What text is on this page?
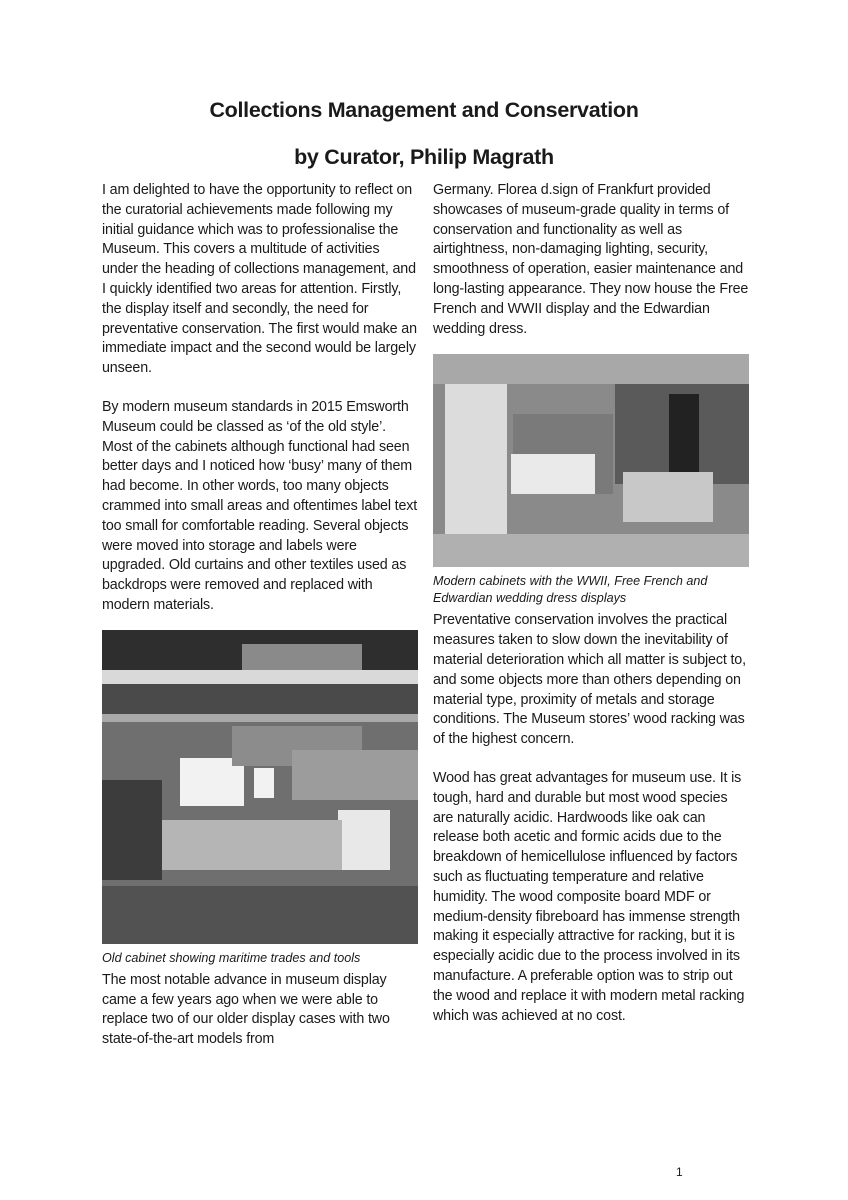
Collections Management and Conservation
by Curator, Philip Magrath

I am delighted to have the opportunity to reflect on the curatorial achievements made following my initial guidance which was to professionalise the Museum. This covers a multitude of activities under the heading of collections management, and I quickly identified two areas for attention. Firstly, the display itself and secondly, the need for preventative conservation. The first would make an immediate impact and the second would be largely unseen.

By modern museum standards in 2015 Emsworth Museum could be classed as ‘of the old style’. Most of the cabinets although functional had seen better days and I noticed how ‘busy’ many of them had become. In other words, too many objects crammed into small areas and oftentimes label text too small for comfortable reading. Several objects were moved into storage and labels were upgraded. Old curtains and other textiles used as backdrops were removed and replaced with modern materials.

Old cabinet showing maritime trades and tools

The most notable advance in museum display came a few years ago when we were able to replace two of our older display cases with two state-of-the-art models from

Germany. Florea d.sign of Frankfurt provided showcases of museum-grade quality in terms of conservation and functionality as well as airtightness, non-damaging lighting, security, smoothness of operation, easier maintenance and long-lasting appearance. They now house the Free French and WWII display and the Edwardian wedding dress.

Modern cabinets with the WWII, Free French and Edwardian wedding dress displays

Preventative conservation involves the practical measures taken to slow down the inevitability of material deterioration which all matter is subject to, and some objects more than others depending on material type, proximity of metals and storage conditions. The Museum stores’ wood racking was of the highest concern.

Wood has great advantages for museum use. It is tough, hard and durable but most wood species are naturally acidic. Hardwoods like oak can release both acetic and formic acids due to the breakdown of hemicellulose influenced by factors such as fluctuating temperature and relative humidity. The wood composite board MDF or medium-density fibreboard has immense strength making it especially attractive for racking, but it is especially acidic due to the process involved in its manufacture. A preferable option was to strip out the wood and replace it with modern metal racking which was achieved at no cost.

1
